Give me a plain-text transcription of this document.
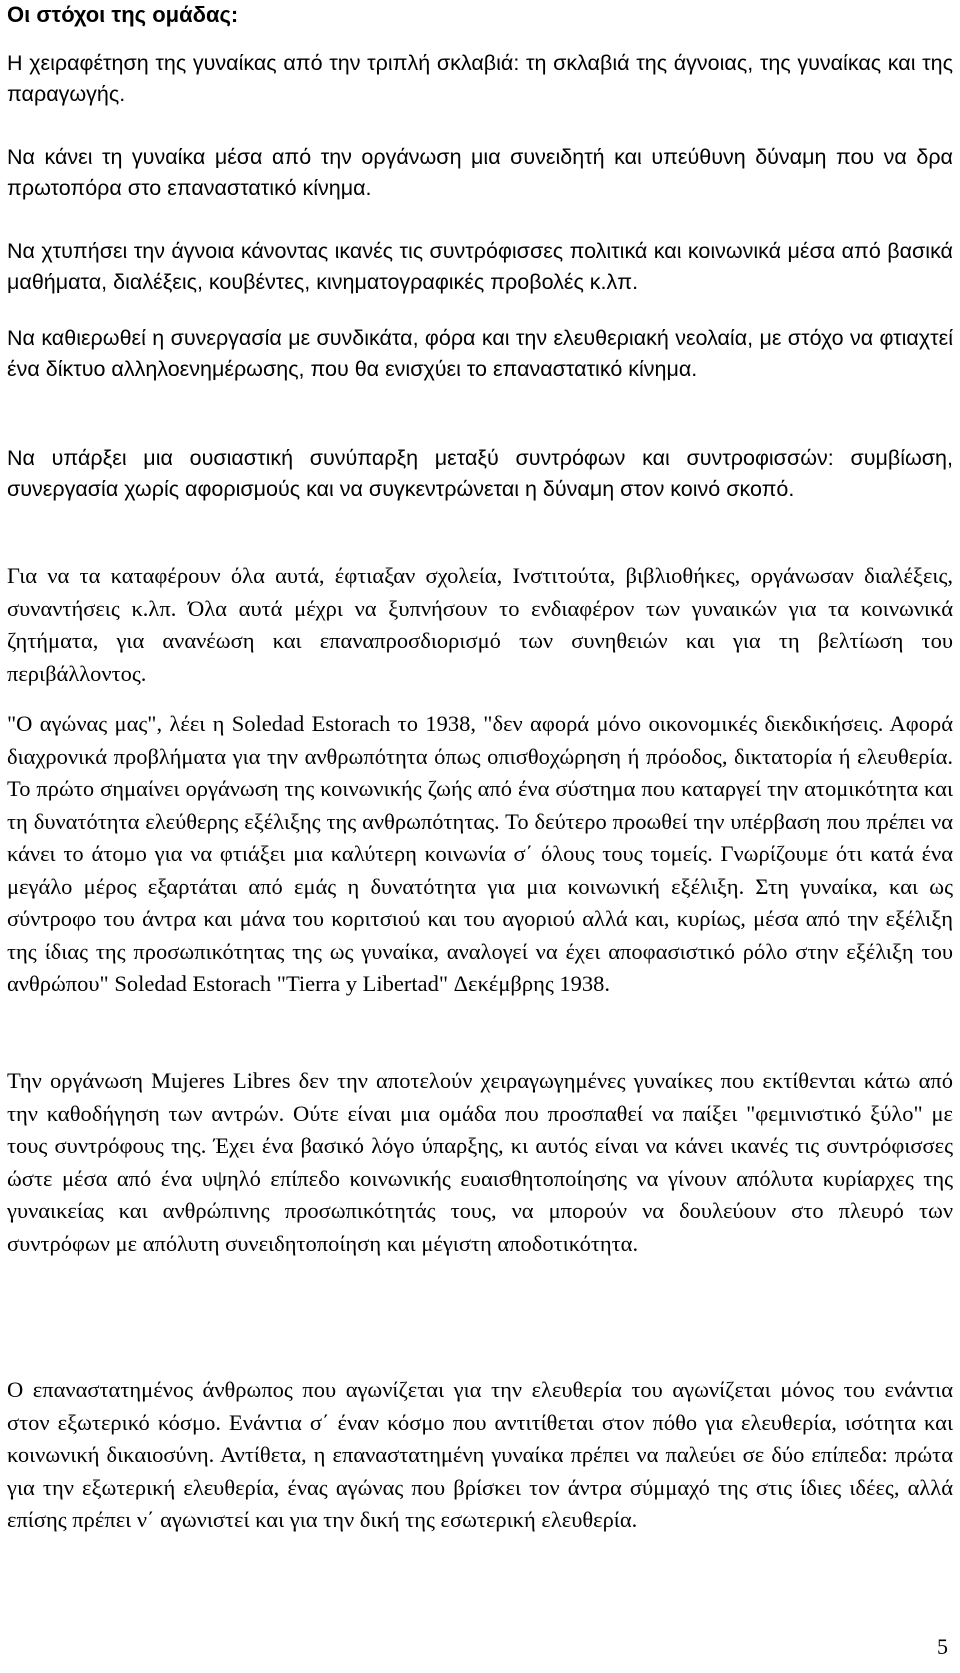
Οι στόχοι της ομάδας:

Η χειραφέτηση της γυναίκας από την τριπλή σκλαβιά: τη σκλαβιά της άγνοιας, της γυναίκας και της παραγωγής.

Να κάνει τη γυναίκα μέσα από την οργάνωση μια συνειδητή και υπεύθυνη δύναμη που να δρα πρωτοπόρα στο επαναστατικό κίνημα.

Να χτυπήσει την άγνοια κάνοντας ικανές τις συντρόφισσες πολιτικά και κοινωνικά μέσα από βασικά μαθήματα, διαλέξεις, κουβέντες, κινηματογραφικές προβολές κ.λπ.

Να καθιερωθεί η συνεργασία με συνδικάτα, φόρα και την ελευθεριακή νεολαία, με στόχο να φτιαχτεί ένα δίκτυο αλληλοενημέρωσης, που θα ενισχύει το επαναστατικό κίνημα.

Να υπάρξει μια ουσιαστική συνύπαρξη μεταξύ συντρόφων και συντροφισσών: συμβίωση, συνεργασία χωρίς αφορισμούς και να συγκεντρώνεται η δύναμη στον κοινό σκοπό.

Για να τα καταφέρουν όλα αυτά, έφτιαξαν σχολεία, Ινστιτούτα, βιβλιοθήκες, οργάνωσαν διαλέξεις, συναντήσεις κ.λπ. Όλα αυτά μέχρι να ξυπνήσουν το ενδιαφέρον των γυναικών για τα κοινωνικά ζητήματα, για ανανέωση και επαναπροσδιορισμό των συνηθειών και για τη βελτίωση του περιβάλλοντος.

"Ο αγώνας μας", λέει η Soledad Estorach το 1938, "δεν αφορά μόνο οικονομικές διεκδικήσεις. Αφορά διαχρονικά προβλήματα για την ανθρωπότητα όπως οπισθοχώρηση ή πρόοδος, δικτατορία ή ελευθερία. Το πρώτο σημαίνει οργάνωση της κοινωνικής ζωής από ένα σύστημα που καταργεί την ατομικότητα και τη δυνατότητα ελεύθερης εξέλιξης της ανθρωπότητας. Το δεύτερο προωθεί την υπέρβαση που πρέπει να κάνει το άτομο για να φτιάξει μια καλύτερη κοινωνία σ΄ όλους τους τομείς. Γνωρίζουμε ότι κατά ένα μεγάλο μέρος εξαρτάται από εμάς η δυνατότητα για μια κοινωνική εξέλιξη. Στη γυναίκα, και ως σύντροφο του άντρα και μάνα του κοριτσιού και του αγοριού αλλά και, κυρίως, μέσα από την εξέλιξη της ίδιας της προσωπικότητας της ως γυναίκα, αναλογεί να έχει αποφασιστικό ρόλο στην εξέλιξη του ανθρώπου" Soledad Estorach "Tierra y Libertad" Δεκέμβρης 1938.

Την οργάνωση Mujeres Libres δεν την αποτελούν χειραγωγημένες γυναίκες που εκτίθενται κάτω από την καθοδήγηση των αντρών. Ούτε είναι μια ομάδα που προσπαθεί να παίξει "φεμινιστικό ξύλο" με τους συντρόφους της. Έχει ένα βασικό λόγο ύπαρξης, κι αυτός είναι να κάνει ικανές τις συντρόφισσες ώστε μέσα από ένα υψηλό επίπεδο κοινωνικής ευαισθητοποίησης να γίνουν απόλυτα κυρίαρχες της γυναικείας και ανθρώπινης προσωπικότητάς τους, να μπορούν να δουλεύουν στο πλευρό των συντρόφων με απόλυτη συνειδητοποίηση και μέγιστη αποδοτικότητα.

Ο επαναστατημένος άνθρωπος που αγωνίζεται για την ελευθερία του αγωνίζεται μόνος του ενάντια στον εξωτερικό κόσμο. Ενάντια σ΄ έναν κόσμο που αντιτίθεται στον πόθο για ελευθερία, ισότητα και κοινωνική δικαιοσύνη. Αντίθετα, η επαναστατημένη γυναίκα πρέπει να παλεύει σε δύο επίπεδα: πρώτα για την εξωτερική ελευθερία, ένας αγώνας που βρίσκει τον άντρα σύμμαχό της στις ίδιες ιδέες, αλλά επίσης πρέπει ν΄ αγωνιστεί και για την δική της εσωτερική ελευθερία.

5
